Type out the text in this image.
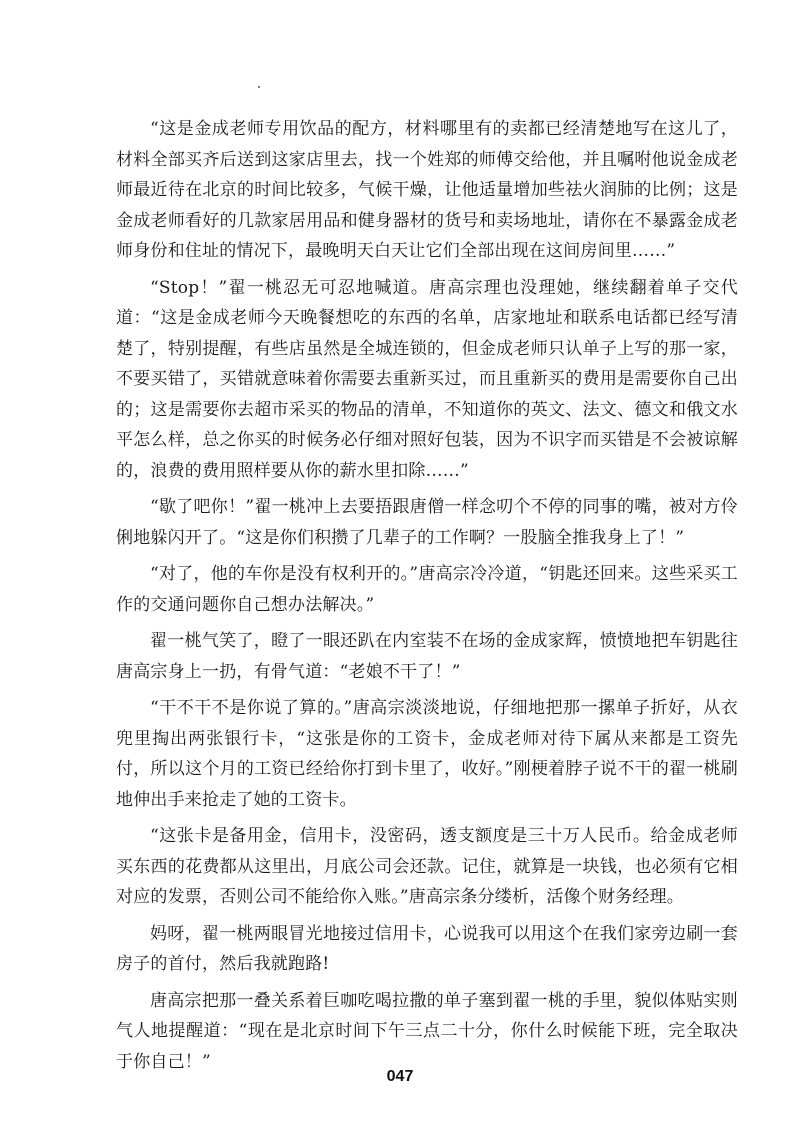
“这是金成老师专用饮品的配方，材料哪里有的卖都已经清楚地写在这儿了，材料全部买齐后送到这家店里去，找一个姓郑的师傅交给他，并且嘱咐他说金成老师最近待在北京的时间比较多，气候干燥，让他适量增加些祛火润肺的比例；这是金成老师看好的几款家居用品和健身器材的货号和卖场地址，请你在不暴露金成老师身份和住址的情况下，最晚明天白天让它们全部出现在这间房间里……”

“Stop！”翟一桃忍无可忍地喊道。唐高宗理也没理她，继续翻着单子交代道：“这是金成老师今天晚餐想吃的东西的名单，店家地址和联系电话都已经写清楚了，特别提醒，有些店虽然是全城连锁的，但金成老师只认单子上写的那一家，不要买错了，买错就意味着你需要去重新买过，而且重新买的费用是需要你自己出的；这是需要你去超市采买的物品的清单，不知道你的英文、法文、德文和俄文水平怎么样，总之你买的时候务必仔细对照好包装，因为不识字而买错是不会被谅解的，浪费的费用照样要从你的薪水里扣除……”

“歇了吧你！”翟一桃冲上去要捂跟唐僧一样念叨个不停的同事的嘴，被对方伶俐地躲闪开了。“这是你们积攒了几辈子的工作啊？一股脑全推我身上了！”

“对了，他的车你是没有权利开的。”唐高宗冷冷道，“钥匙还回来。这些采买工作的交通问题你自己想办法解决。”

翟一桃气笑了，瞪了一眼还趴在内室装不在场的金成家辉，愤愤地把车钥匙往唐高宗身上一扔，有骨气道：“老娘不干了！”

“干不干不是你说了算的。”唐高宗淡淡地说，仔细地把那一摞单子折好，从衣兜里掏出两张银行卡，“这张是你的工资卡，金成老师对待下属从来都是工资先付，所以这个月的工资已经给你打到卡里了，收好。”刚梗着脖子说不干的翟一桃刷地伸出手来抢走了她的工资卡。

“这张卡是备用金，信用卡，没密码，透支额度是三十万人民币。给金成老师买东西的花费都从这里出，月底公司会还款。记住，就算是一块钱，也必须有它相对应的发票，否则公司不能给你入账。”唐高宗条分缕析，活像个财务经理。

妈呀，翟一桃两眼冒光地接过信用卡，心说我可以用这个在我们家旁边刷一套房子的首付，然后我就跑路!

唐高宗把那一叠关系着巨咖吃喝拉撒的单子塞到翟一桃的手里，貌似体贴实则气人地提醒道：“现在是北京时间下午三点二十分，你什么时候能下班，完全取决于你自己！”

047
